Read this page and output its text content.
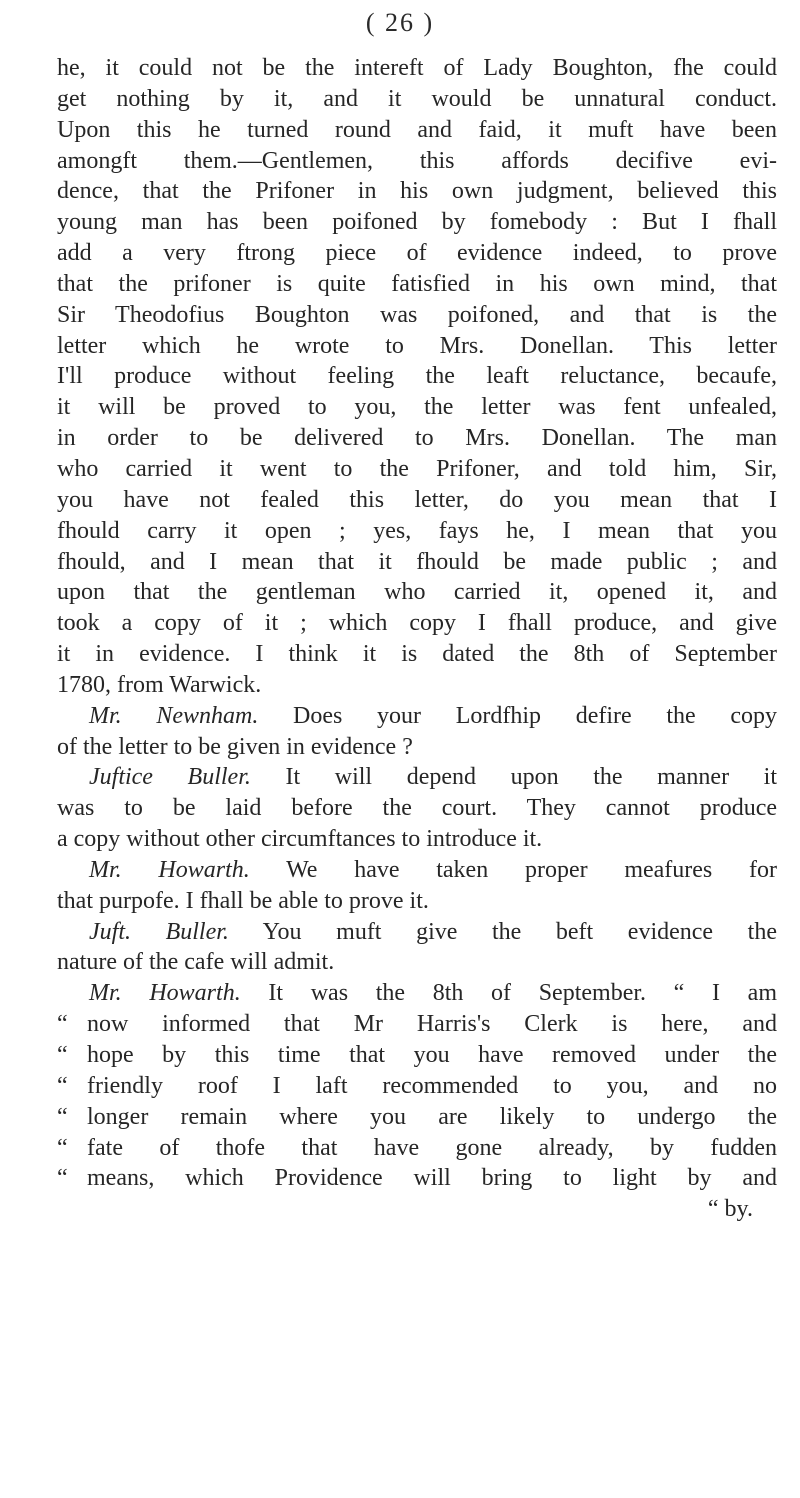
( 26 )
he, it could not be the intereft of Lady Boughton, fhe could
get nothing by it, and it would be unnatural conduct.
Upon this he turned round and faid, it muft have been
amongft them.—Gentlemen, this affords decifive evi-
dence, that the Prifoner in his own judgment, believed this
young man has been poifoned by fomebody : But I fhall
add a very ftrong piece of evidence indeed, to prove
that the prifoner is quite fatisfied in his own mind, that
Sir Theodofius Boughton was poifoned, and that is the
letter which he wrote to Mrs. Donellan. This letter
I'll produce without feeling the leaft reluctance, becaufe,
it will be proved to you, the letter was fent unfealed,
in order to be delivered to Mrs. Donellan. The man
who carried it went to the Prifoner, and told him, Sir,
you have not fealed this letter, do you mean that I
fhould carry it open ; yes, fays he, I mean that you
fhould, and I mean that it fhould be made public ; and
upon that the gentleman who carried it, opened it, and
took a copy of it ; which copy I fhall produce, and give
it in evidence. I think it is dated the 8th of September
1780, from Warwick.
Mr. Newnham. Does your Lordfhip defire the copy
of the letter to be given in evidence ?
Juftice Buller. It will depend upon the manner it
was to be laid before the court. They cannot produce
a copy without other circumftances to introduce it.
Mr. Howarth. We have taken proper meafures for
that purpofe. I fhall be able to prove it.
Juft. Buller. You muft give the beft evidence the
nature of the cafe will admit.
Mr. Howarth. It was the 8th of September. “ I am
“ now informed that Mr Harris's Clerk is here, and
“ hope by this time that you have removed under the
“ friendly roof I laft recommended to you, and no
“ longer remain where you are likely to undergo the
“ fate of thofe that have gone already, by fudden
“ means, which Providence will bring to light by and
“ by.
